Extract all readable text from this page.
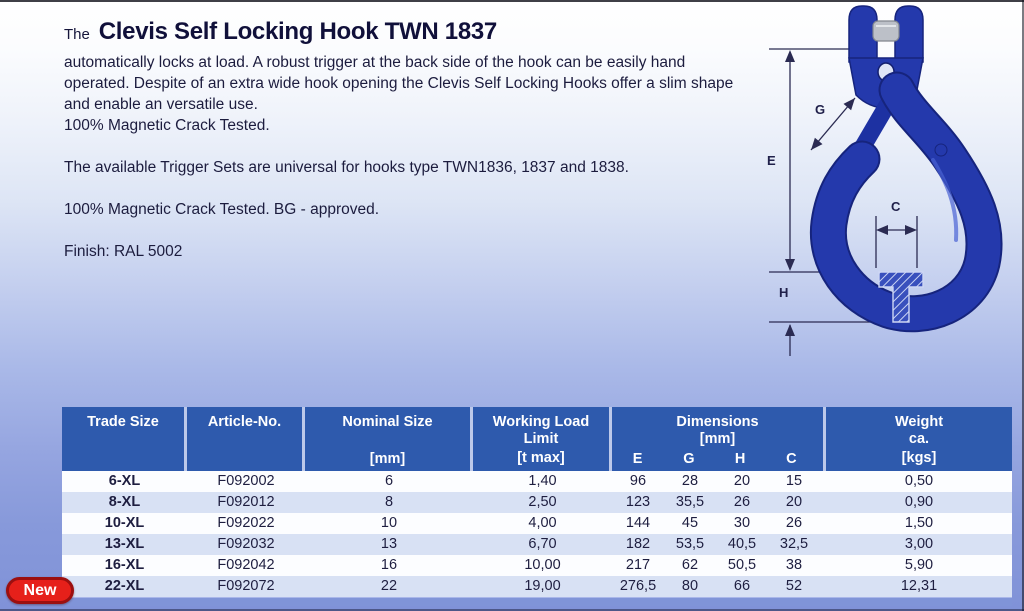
The Clevis Self Locking Hook TWN 1837

automatically locks at load. A robust trigger at the back side of the hook can be easily hand operated. Despite of an extra wide hook opening the Clevis Self Locking Hooks offer a slim shape and enable an versatile use.

100% Magnetic Crack Tested.

The available Trigger Sets are universal for hooks type TWN1836, 1837 and 1838.

100% Magnetic Crack Tested. BG - approved.

Finish: RAL 5002

E
G
H
C
Trade Size	Article-No.	Nominal Size
[mm]
Working Load
Limit
[t max]
Dimensions
[mm]
E	G	H	C
Weight
ca.
[kgs]
6-XL	F092002	6	1,40	96	28	20	15	0,50
8-XL	F092012	8	2,50	123	35,5	26	20	0,90
10-XL	F092022	10	4,00	144	45	30	26	1,50
13-XL	F092032	13	6,70	182	53,5	40,5	32,5	3,00
16-XL	F092042	16	10,00	217	62	50,5	38	5,90
22-XL	F092072	22	19,00	276,5	80	66	52	12,31
New
